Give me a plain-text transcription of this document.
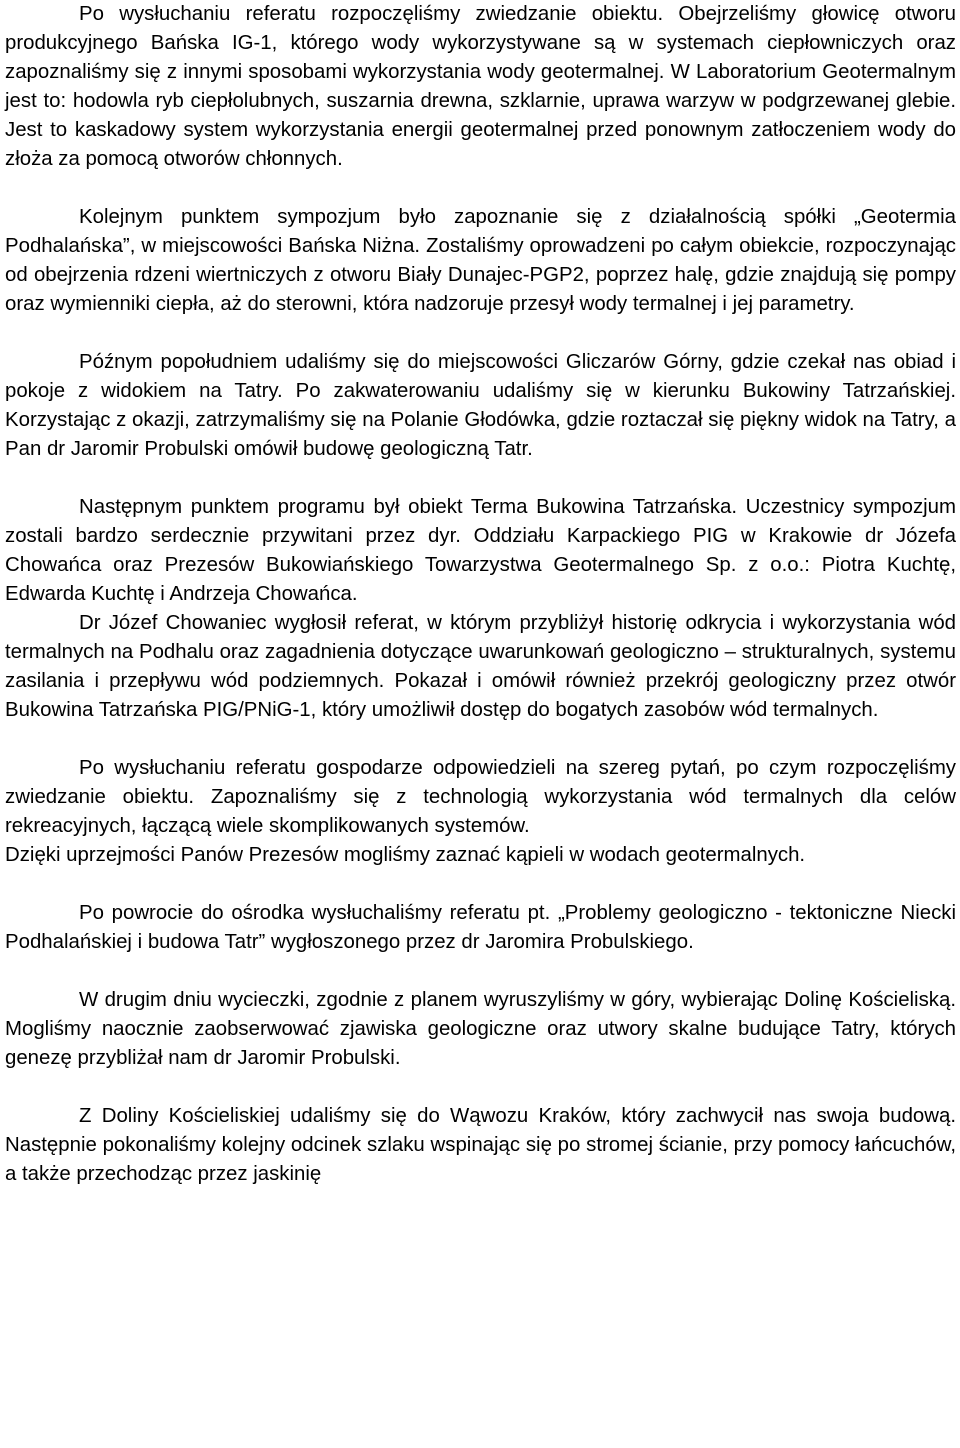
Po wysłuchaniu referatu rozpoczęliśmy zwiedzanie obiektu. Obejrzeliśmy głowicę otworu produkcyjnego Bańska IG-1, którego wody wykorzystywane są w systemach ciepłowniczych oraz zapoznaliśmy się z innymi sposobami wykorzystania wody geotermalnej. W Laboratorium Geotermalnym jest to: hodowla ryb ciepłolubnych, suszarnia drewna, szklarnie, uprawa warzyw w podgrzewanej glebie. Jest to kaskadowy system wykorzystania energii geotermalnej przed ponownym zatłoczeniem wody do złoża za pomocą otworów chłonnych.

Kolejnym punktem sympozjum było zapoznanie się z działalnością spółki „Geotermia Podhalańska”, w miejscowości Bańska Niżna. Zostaliśmy oprowadzeni po całym obiekcie, rozpoczynając od obejrzenia rdzeni wiertniczych z otworu Biały Dunajec-PGP2, poprzez halę, gdzie znajdują się pompy oraz wymienniki ciepła, aż do sterowni, która nadzoruje przesył wody termalnej i jej parametry.

Późnym popołudniem udaliśmy się do miejscowości Gliczarów Górny, gdzie czekał nas obiad i pokoje z widokiem na Tatry. Po zakwaterowaniu udaliśmy się w kierunku Bukowiny Tatrzańskiej. Korzystając z okazji, zatrzymaliśmy się na Polanie Głodówka, gdzie roztaczał się piękny widok na Tatry, a Pan dr Jaromir Probulski omówił budowę geologiczną Tatr.

Następnym punktem programu był obiekt Terma Bukowina Tatrzańska. Uczestnicy sympozjum zostali bardzo serdecznie przywitani przez dyr. Oddziału Karpackiego PIG w Krakowie dr Józefa Chowańca oraz Prezesów Bukowiańskiego Towarzystwa Geotermalnego Sp. z o.o.: Piotra Kuchtę, Edwarda Kuchtę i Andrzeja Chowańca.

Dr Józef Chowaniec wygłosił referat, w którym przybliżył historię odkrycia i wykorzystania wód termalnych na Podhalu oraz zagadnienia dotyczące uwarunkowań geologiczno – strukturalnych, systemu zasilania i przepływu wód podziemnych. Pokazał i omówił również przekrój geologiczny przez otwór Bukowina Tatrzańska PIG/PNiG-1, który umożliwił dostęp do bogatych zasobów wód termalnych.

Po wysłuchaniu referatu gospodarze odpowiedzieli na szereg pytań, po czym rozpoczęliśmy zwiedzanie obiektu. Zapoznaliśmy się z technologią wykorzystania wód termalnych dla celów rekreacyjnych, łączącą wiele skomplikowanych systemów.

Dzięki uprzejmości Panów Prezesów mogliśmy zaznać kąpieli w wodach geotermalnych.

Po powrocie do ośrodka wysłuchaliśmy referatu pt. „Problemy geologiczno - tektoniczne Niecki Podhalańskiej i budowa Tatr” wygłoszonego przez dr Jaromira Probulskiego.

W drugim dniu wycieczki, zgodnie z planem wyruszyliśmy w góry, wybierając Dolinę Kościeliską. Mogliśmy naocznie zaobserwować zjawiska geologiczne oraz utwory skalne budujące Tatry, których genezę przybliżał nam dr Jaromir Probulski.

Z Doliny Kościeliskiej udaliśmy się do Wąwozu Kraków, który zachwycił nas swoja budową. Następnie pokonaliśmy kolejny odcinek szlaku wspinając się po stromej ścianie, przy pomocy łańcuchów, a także przechodząc przez jaskinię
